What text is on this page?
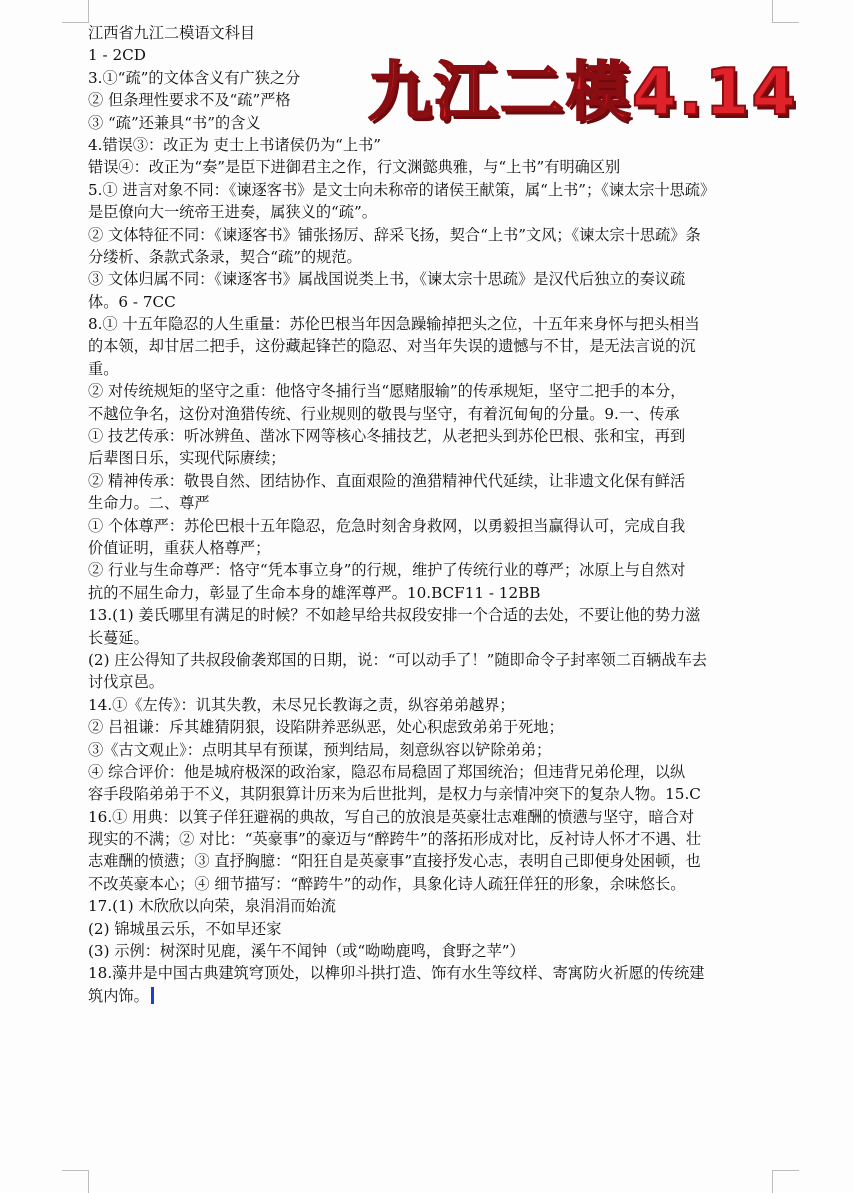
江西省九江二模语文科目
1 - 2CD
3.①“疏”的文体含义有广狭之分
② 但条理性要求不及“疏”严格
③ “疏”还兼具“书”的含义
4.错误③：改正为 吏士上书诸侯仍为“上书”
错误④：改正为“奏”是臣下进御君主之作，行文渊懿典雅，与“上书”有明确区别
5.① 进言对象不同：《谏逐客书》是文士向未称帝的诸侯王献策，属“上书”；《谏太宗十思疏》
是臣僚向大一统帝王进奏，属狭义的“疏”。
② 文体特征不同：《谏逐客书》铺张扬厉、辞采飞扬，契合“上书”文风；《谏太宗十思疏》条
分缕析、条款式条录，契合“疏”的规范。
③ 文体归属不同：《谏逐客书》属战国说类上书，《谏太宗十思疏》是汉代后独立的奏议疏
体。6 - 7CC
8.① 十五年隐忍的人生重量：苏伦巴根当年因急躁输掉把头之位，十五年来身怀与把头相当
的本领，却甘居二把手，这份藏起锋芒的隐忍、对当年失误的遗憾与不甘，是无法言说的沉
重。
② 对传统规矩的坚守之重：他恪守冬捕行当“愿赌服输”的传承规矩，坚守二把手的本分，
不越位争名，这份对渔猎传统、行业规则的敬畏与坚守，有着沉甸甸的分量。9.一、传承
① 技艺传承：听冰辨鱼、凿冰下网等核心冬捕技艺，从老把头到苏伦巴根、张和宝，再到
后辈图日乐，实现代际赓续；
② 精神传承：敬畏自然、团结协作、直面艰险的渔猎精神代代延续，让非遗文化保有鲜活
生命力。二、尊严
① 个体尊严：苏伦巴根十五年隐忍，危急时刻舍身救网，以勇毅担当赢得认可，完成自我
价值证明，重获人格尊严；
② 行业与生命尊严：恪守“凭本事立身”的行规，维护了传统行业的尊严；冰原上与自然对
抗的不屈生命力，彰显了生命本身的雄浑尊严。10.BCF11 - 12BB
13.(1) 姜氏哪里有满足的时候？不如趁早给共叔段安排一个合适的去处，不要让他的势力滋
长蔓延。
(2) 庄公得知了共叔段偷袭郑国的日期，说：“可以动手了！”随即命令子封率领二百辆战车去
讨伐京邑。
14.①《左传》：讥其失教，未尽兄长教诲之责，纵容弟弟越界；
② 吕祖谦：斥其雄猜阴狠，设陷阱养恶纵恶，处心积虑致弟弟于死地；
③《古文观止》：点明其早有预谋，预判结局，刻意纵容以铲除弟弟；
④ 综合评价：他是城府极深的政治家，隐忍布局稳固了郑国统治；但违背兄弟伦理，以纵
容手段陷弟弟于不义，其阴狠算计历来为后世批判，是权力与亲情冲突下的复杂人物。15.C
16.① 用典：以箕子佯狂避祸的典故，写自己的放浪是英豪壮志难酬的愤懑与坚守，暗合对
现实的不满；② 对比：“英豪事”的豪迈与“醉跨牛”的落拓形成对比，反衬诗人怀才不遇、壮
志难酬的愤懑；③ 直抒胸臆：“阳狂自是英豪事”直接抒发心志，表明自己即便身处困顿，也
不改英豪本心；④ 细节描写：“醉跨牛”的动作，具象化诗人疏狂佯狂的形象，余味悠长。
17.(1) 木欣欣以向荣，泉涓涓而始流
(2) 锦城虽云乐，不如早还家
(3) 示例：树深时见鹿，溪午不闻钟（或“呦呦鹿鸣，食野之苹”）
18.藻井是中国古典建筑穹顶处，以榫卯斗拱打造、饰有水生等纹样、寄寓防火祈愿的传统建
筑内饰。
九江二模4.14
